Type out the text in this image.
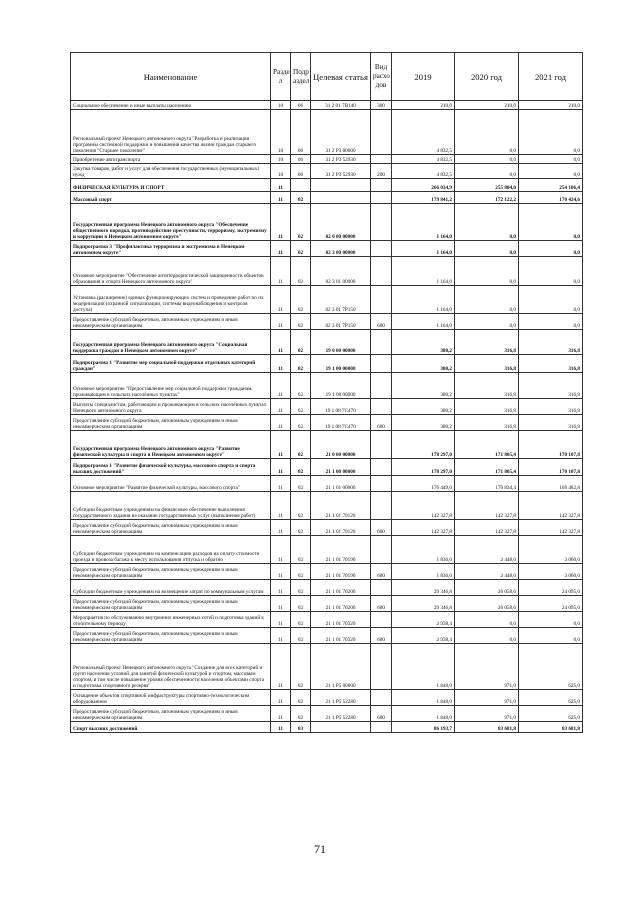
Наименование	Разде л	Подр аздел	Целевая статья	Вид расхо дов	2019	2020 год	2021 год
Социальное обеспечение и иные выплаты населению	10	06	31 2 01 7В140	300	210,0	210,0	210,0
Региональный проект Ненецкого автономного округа "Разработка и реализация программы системной поддержки и повышения качества жизни граждан старшего поколения "Старшее поколение"	10	06	31 2 Р3 00000		4 832,5	0,0	0,0
Приобретение автотранспорта	10	06	31 2 Р3 52930		4 832,5	0,0	0,0
Закупка товаров, работ и услуг для обеспечения государственных (муниципальных) нужд	10	06	31 2 Р3 52930	200	4 832,5	0,0	0,0
ФИЗИЧЕСКАЯ КУЛЬТУРА И СПОРТ	11				266 034,9	255 804,0	254 106,4
Массовый спорт	11	02			179 841,2	172 122,2	170 424,6
Государственная программа Ненецкого автономного округа "Обеспечение общественного порядка, противодействие преступности, терроризму, экстремизму и коррупции в Ненецком автономном округе"	11	02	02 0 00 00000		1 164,0	0,0	0,0
Подпрограмма 3 "Профилактика терроризма и экстремизма в Ненецком автономном округе"	11	02	02 3 00 00000		1 164,0	0,0	0,0
Основное мероприятие "Обеспечение антитеррористической защищенности объектов образования и спорта Ненецкого автономного округа"	11	02	02 3 01 00000		1 164,0	0,0	0,0
Установка (расширение) единых функционирующих систем и проведение работ по их модернизации (охранной сигнализации, системы видеонаблюдения и контроля доступа)	11	02	02 3 01 7Р150		1 164,0	0,0	0,0
Предоставление субсидий бюджетным, автономным учреждениям и иным некоммерческим организациям	11	02	02 3 01 7Р150	600	1 164,0	0,0	0,0
Государственная программа Ненецкого автономного округа "Социальная поддержка граждан в Ненецком автономном округе"	11	02	19 0 00 00000		380,2	316,8	316,8
Подпрограмма 1 "Развитие мер социальной поддержки отдельных категорий граждан"	11	02	19 1 00 00000		380,2	316,8	316,8
Основное мероприятие "Предоставление мер социальной поддержки гражданам, проживающим в сельских населённых пунктах"	11	02	19 1 08 00000		380,2	316,8	316,8
Выплаты специалистам, работающим и проживающим в сельских населённых пунктах Ненецкого автономного округа	11	02	19 1 08 7С470		380,2	316,8	316,8
Предоставление субсидий бюджетным, автономным учреждениям и иным некоммерческим организациям	11	02	19 1 08 7С470	600	380,2	316,8	316,8
Государственная программа Ненецкого автономного округа "Развитие физической культуры и спорта в Ненецком автономном округе"	11	02	21 0 00 00000		178 297,0	171 805,4	170 107,8
Подпрограмма 1 "Развитие физической культуры, массового спорта и спорта высших достижений"	11	02	21 1 00 00000		178 297,0	171 805,4	170 107,8
Основное мероприятие "Развитие физической культуры, массового спорта"	11	02	21 1 01 00000		176 449,0	170 834,4	169 482,8
Субсидии бюджетным учреждениям на финансовое обеспечение выполнения государственного задания на оказание государственных услуг (выполнение работ)	11	02	21 1 01 70120		142 327,8	142 327,8	142 327,8
Предоставление субсидий бюджетным, автономным учреждениям и иным некоммерческим организациям	11	02	21 1 01 70120	600	142 327,8	142 327,8	142 327,8
Субсидии бюджетным учреждениям на компенсацию расходов на оплату стоимости проезда и провоза багажа к месту использования отпуска и обратно	11	02	21 1 01 70190		1 836,0	2 448,0	3 060,0
Предоставление субсидий бюджетным, автономным учреждениям и иным некоммерческим организациям	11	02	21 1 01 70190	600	1 836,0	2 448,0	3 060,0
Субсидии бюджетным учреждениям на возмещение затрат по коммунальным услугам	11	02	21 1 01 70200		29 346,8	26 058,6	24 095,0
Предоставление субсидий бюджетным, автономным учреждениям и иным некоммерческим организациям	11	02	21 1 01 70200	600	29 346,8	26 058,6	24 095,0
Мероприятия по обслуживанию внутренних инженерных сетей и подготовка зданий к отопительному периоду	11	02	21 1 01 70320		2 938,4	0,0	0,0
Предоставление субсидий бюджетным, автономным учреждениям и иным некоммерческим организациям	11	02	21 1 01 70320	600	2 938,4	0,0	0,0
Региональный проект Ненецкого автономного округа "Создание для всех категорий и групп населения условий для занятий физической культурой и спортом, массовым спортом, в том числе повышение уровня обеспеченности населения объектами спорта и подготовка спортивного резерва"	11	02	21 1 Р5 00000		1 848,0	971,0	625,0
Оснащение объектов спортивной инфраструктуры спортивно-технологическим оборудованием	11	02	21 1 Р5 52280		1 848,0	971,0	625,0
Предоставление субсидий бюджетным, автономным учреждениям и иным некоммерческим организациям	11	02	21 1 Р5 52280	600	1 848,0	971,0	625,0
Спорт высших достижений	11	03			86 193,7	83 681,8	83 681,8
71
